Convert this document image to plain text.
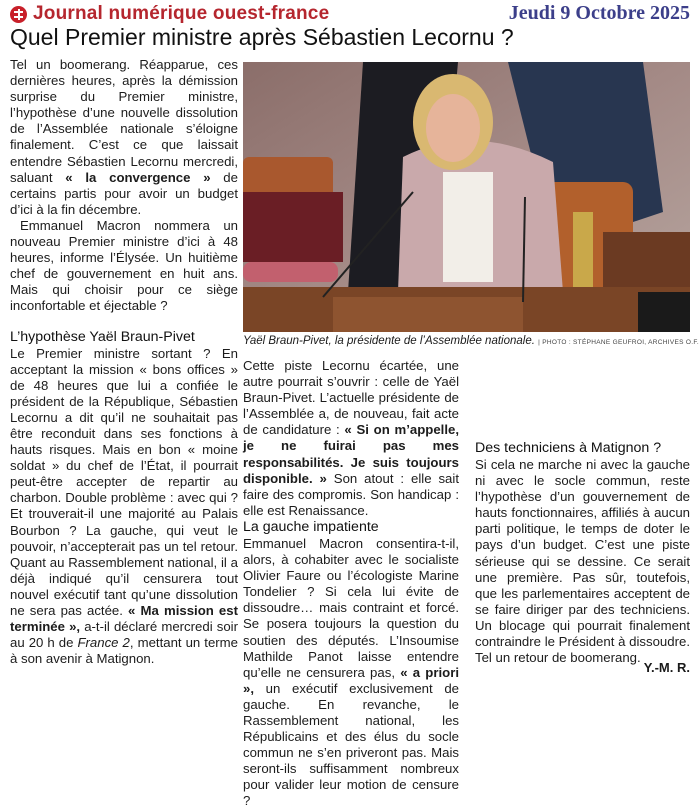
Journal numérique ouest-france	Jeudi 9 Octobre 2025
Quel Premier ministre après Sébastien Lecornu ?

Tel un boomerang. Réapparue, ces dernières heures, après la démission surprise du Premier ministre, l’hypothèse d’une nouvelle dissolution de l’Assemblée nationale s’éloigne finalement. C’est ce que laissait entendre Sébastien Lecornu mercredi, saluant « la convergence » de certains partis pour avoir un budget d’ici à la fin décembre.

Emmanuel Macron nommera un nouveau Premier ministre d’ici à 48 heures, informe l’Élysée. Un huitième chef de gouvernement en huit ans. Mais qui choisir pour ce siège inconfortable et éjectable ?

L’hypothèse Yaël Braun-Pivet

Le Premier ministre sortant ? En acceptant la mission « bons offices » de 48 heures que lui a confiée le président de la République, Sébastien Lecornu a dit qu’il ne souhaitait pas être reconduit dans ses fonctions à hauts risques. Mais en bon « moine soldat » du chef de l’État, il pourrait peut-être accepter de repartir au charbon. Double problème : avec qui ? Et trouverait-il une majorité au Palais Bourbon ? La gauche, qui veut le pouvoir, n’accepterait pas un tel retour. Quant au Rassemblement national, il a déjà indiqué qu’il censurera tout nouvel exécutif tant qu’une dissolution ne sera pas actée. « Ma mission est terminée », a-t-il déclaré mercredi soir au 20 h de France 2, mettant un terme à son avenir à Matignon.

Yaël Braun-Pivet, la présidente de l’Assemblée nationale. | PHOTO : STÉPHANE GEUFROI, ARCHIVES O.F.

Cette piste Lecornu écartée, une autre pourrait s’ouvrir : celle de Yaël Braun-Pivet. L’actuelle présidente de l’Assemblée a, de nouveau, fait acte de candidature : « Si on m’appelle, je ne fuirai pas mes responsabilités. Je suis toujours disponible. » Son atout : elle sait faire des compromis. Son handicap : elle est Renaissance.

La gauche impatiente

Emmanuel Macron consentira-t-il, alors, à cohabiter avec le socialiste Olivier Faure ou l’écologiste Marine Tondelier ? Si cela lui évite de dissoudre… mais contraint et forcé. Se posera toujours la question du soutien des députés. L’Insoumise Mathilde Panot laisse entendre qu’elle ne censurera pas, « a priori », un exécutif exclusivement de gauche. En revanche, le Rassemblement national, les Républicains et des élus du socle commun ne s’en priveront pas. Mais seront-ils suffisamment nombreux pour valider leur motion de censure ?

Des techniciens à Matignon ?

Si cela ne marche ni avec la gauche ni avec le socle commun, reste l’hypothèse d’un gouvernement de hauts fonctionnaires, affiliés à aucun parti politique, le temps de doter le pays d’un budget. C’est une piste sérieuse qui se dessine. Ce serait une première. Pas sûr, toutefois, que les parlementaires acceptent de se faire diriger par des techniciens. Un blocage qui pourrait finalement contraindre le Président à dissoudre. Tel un retour de boomerang.

Y.-M. R.
